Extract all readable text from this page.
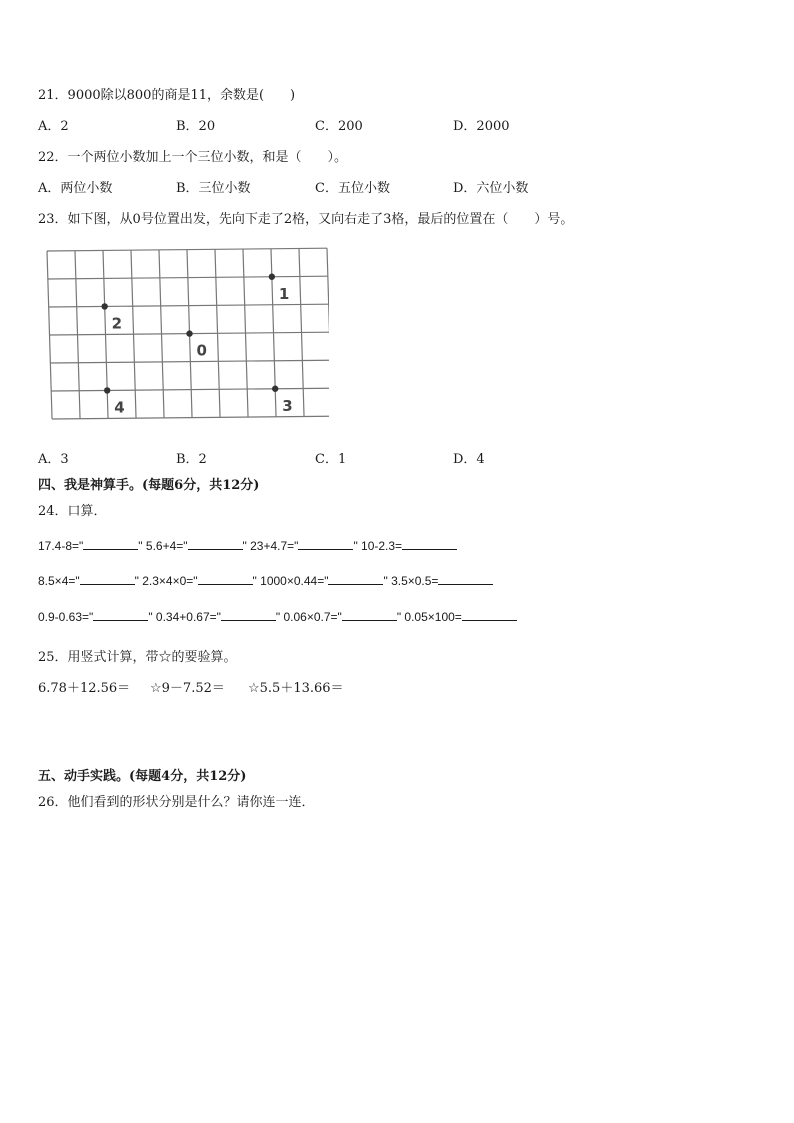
21．9000除以800的商是11，余数是(　　)
A．2	B．20	C．200	D．2000
22．一个两位小数加上一个三位小数，和是（　　）。
A．两位小数	B．三位小数	C．五位小数	D．六位小数
23．如下图，从0号位置出发，先向下走了2格，又向右走了3格，最后的位置在（　　）号。
1
2
0
4	3
A．3	B．2	C．1	D．4
四、我是神算手。(每题6分，共12分)
24．口算．
17.4-8="	" 5.6+4="	" 23+4.7="	" 10-2.3=
8.5×4="	" 2.3×4×0="	" 1000×0.44="	" 3.5×0.5=
0.9-0.63="	" 0.34+0.67="	" 0.06×0.7="	" 0.05×100=
25．用竖式计算，带☆的要验算。
6.78＋12.56＝ ☆9－7.52＝ ☆5.5＋13.66＝
五、动手实践。(每题4分，共12分)
26．他们看到的形状分别是什么？请你连一连．
